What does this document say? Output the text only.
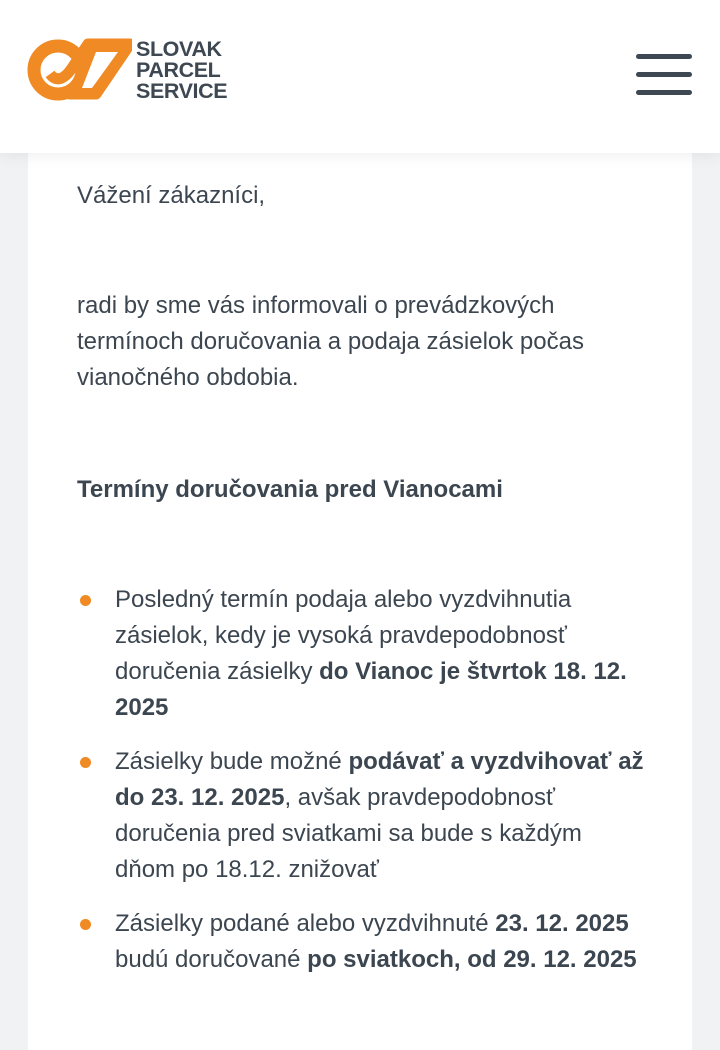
SLOVAK
PARCEL
SERVICE
Vážení zákazníci,
radi by sme vás informovali o prevádzkových termínoch doručovania a podaja zásielok počas vianočného obdobia.
Termíny doručovania pred Vianocami
Posledný termín podaja alebo vyzdvihnutia zásielok, kedy je vysoká pravdepodobnosť doručenia zásielky do Vianoc je štvrtok 18. 12. 2025
Zásielky bude možné podávať a vyzdvihovať až do 23. 12. 2025, avšak pravdepodobnosť doručenia pred sviatkami sa bude s každým dňom po 18.12. znižovať
Zásielky podané alebo vyzdvihnuté 23. 12. 2025 budú doručované po sviatkoch, od 29. 12. 2025
